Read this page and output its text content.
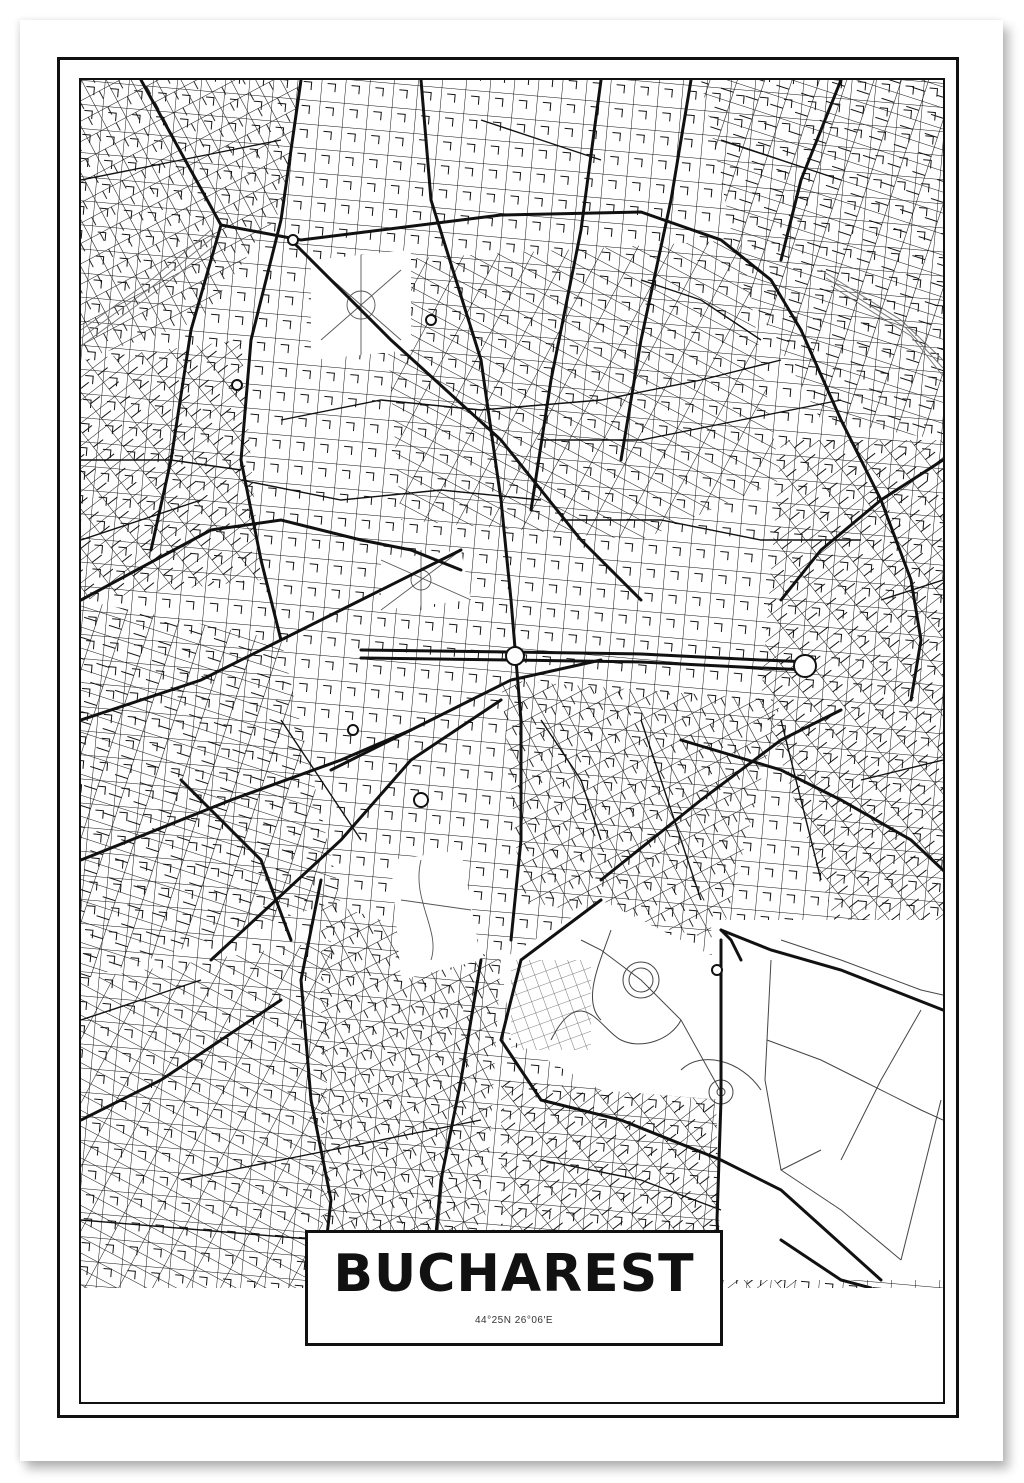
BUCHAREST
44°25N 26°06'E
